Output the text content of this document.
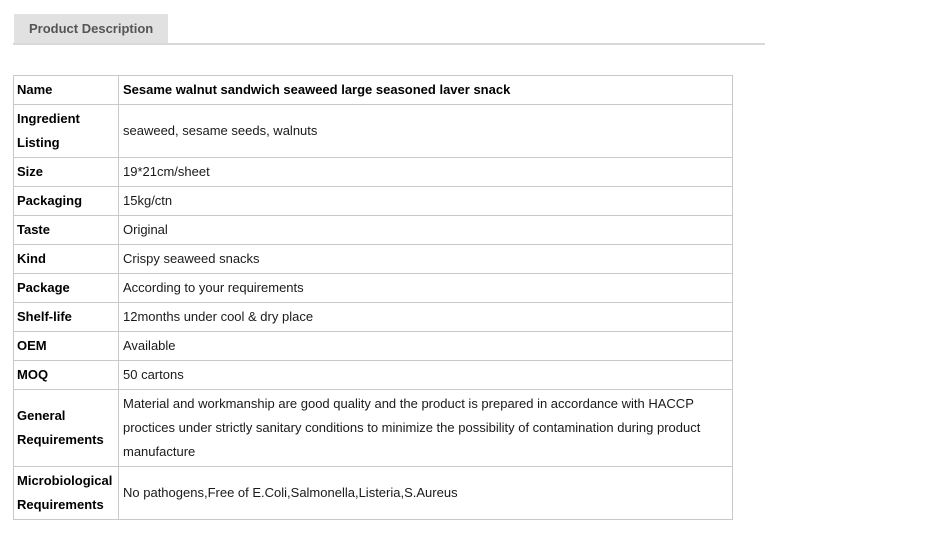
Product Description
Name	Sesame walnut sandwich seaweed large seasoned laver snack
Ingredient Listing	seaweed, sesame seeds, walnuts
Size	19*21cm/sheet
Packaging	15kg/ctn
Taste	Original
Kind	Crispy seaweed snacks
Package	According to your requirements
Shelf-life	12months under cool & dry place
OEM	Available
MOQ	50 cartons
General Requirements	Material and workmanship are good quality and the product is prepared in accordance with HACCP proctices under strictly sanitary conditions to minimize the possibility of contamination during product manufacture
Microbiological Requirements	No pathogens,Free of E.Coli,Salmonella,Listeria,S.Aureus
